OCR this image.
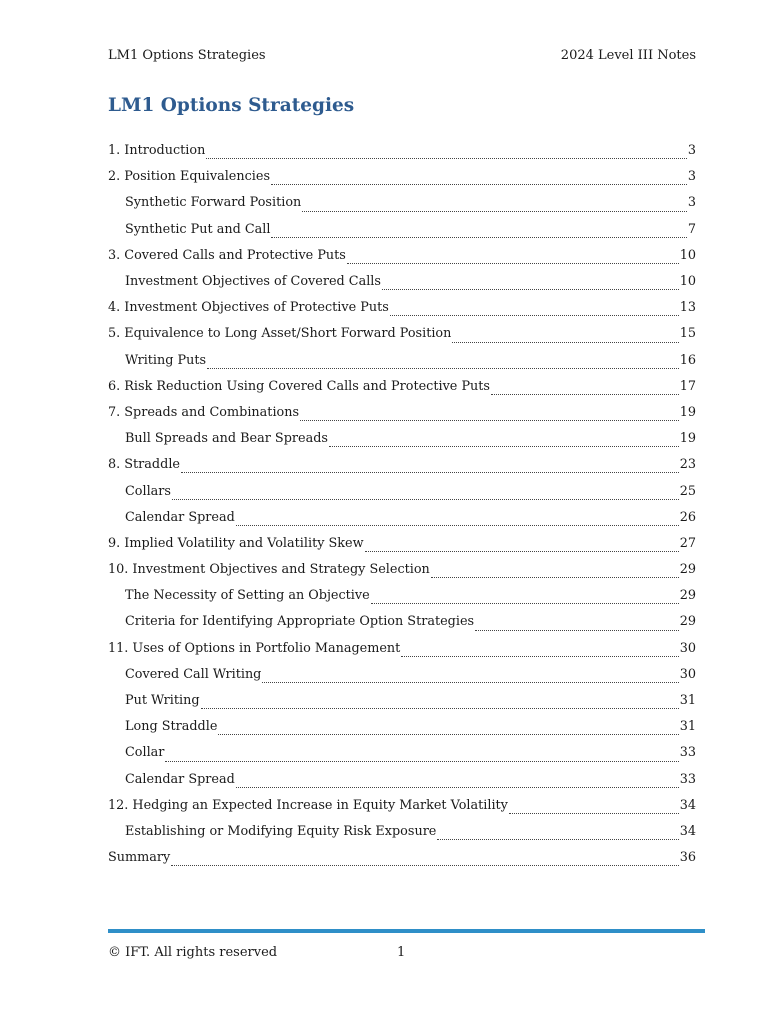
LM1 Options Strategies	2024 Level III Notes
LM1 Options Strategies
1. Introduction	3
2. Position Equivalencies	3
Synthetic Forward Position	3
Synthetic Put and Call	7
3. Covered Calls and Protective Puts	10
Investment Objectives of Covered Calls	10
4. Investment Objectives of Protective Puts	13
5. Equivalence to Long Asset/Short Forward Position	15
Writing Puts	16
6. Risk Reduction Using Covered Calls and Protective Puts	17
7. Spreads and Combinations	19
Bull Spreads and Bear Spreads	19
8. Straddle	23
Collars	25
Calendar Spread	26
9. Implied Volatility and Volatility Skew	27
10. Investment Objectives and Strategy Selection	29
The Necessity of Setting an Objective	29
Criteria for Identifying Appropriate Option Strategies	29
11. Uses of Options in Portfolio Management	30
Covered Call Writing	30
Put Writing	31
Long Straddle	31
Collar	33
Calendar Spread	33
12. Hedging an Expected Increase in Equity Market Volatility	34
Establishing or Modifying Equity Risk Exposure	34
Summary	36
© IFT. All rights reserved	1
